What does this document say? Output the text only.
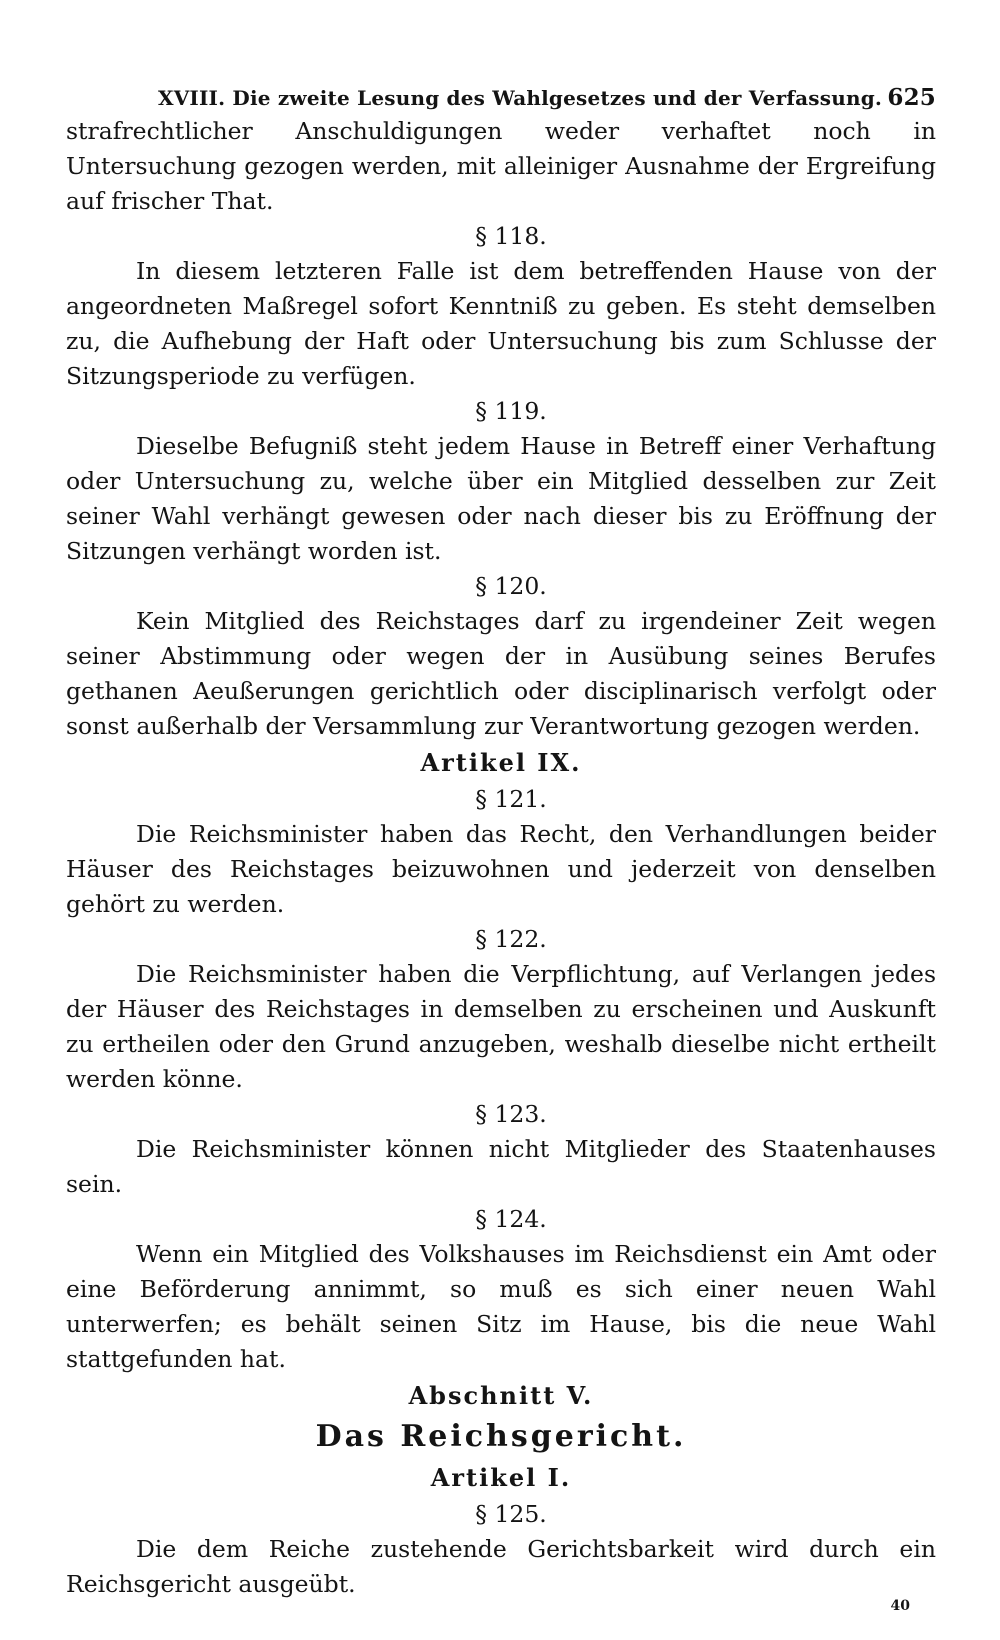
XVIII. Die zweite Lesung des Wahlgesetzes und der Verfassung. 625

strafrechtlicher Anschuldigungen weder verhaftet noch in Untersuchung gezogen werden, mit alleiniger Ausnahme der Ergreifung auf frischer That.

§ 118.

In diesem letzteren Falle ist dem betreffenden Hause von der angeordneten Maßregel sofort Kenntniß zu geben. Es steht demselben zu, die Aufhebung der Haft oder Untersuchung bis zum Schlusse der Sitzungsperiode zu verfügen.

§ 119.

Dieselbe Befugniß steht jedem Hause in Betreff einer Verhaftung oder Untersuchung zu, welche über ein Mitglied desselben zur Zeit seiner Wahl verhängt gewesen oder nach dieser bis zu Eröffnung der Sitzungen verhängt worden ist.

§ 120.

Kein Mitglied des Reichstages darf zu irgendeiner Zeit wegen seiner Abstimmung oder wegen der in Ausübung seines Berufes gethanen Aeußerungen gerichtlich oder disciplinarisch verfolgt oder sonst außerhalb der Versammlung zur Verantwortung gezogen werden.

Artikel IX.

§ 121.

Die Reichsminister haben das Recht, den Verhandlungen beider Häuser des Reichstages beizuwohnen und jederzeit von denselben gehört zu werden.

§ 122.

Die Reichsminister haben die Verpflichtung, auf Verlangen jedes der Häuser des Reichstages in demselben zu erscheinen und Auskunft zu ertheilen oder den Grund anzugeben, weshalb dieselbe nicht ertheilt werden könne.

§ 123.

Die Reichsminister können nicht Mitglieder des Staatenhauses sein.

§ 124.

Wenn ein Mitglied des Volkshauses im Reichsdienst ein Amt oder eine Beförderung annimmt, so muß es sich einer neuen Wahl unterwerfen; es behält seinen Sitz im Hause, bis die neue Wahl stattgefunden hat.

Abschnitt V.

Das Reichsgericht.

Artikel I.

§ 125.

Die dem Reiche zustehende Gerichtsbarkeit wird durch ein Reichsgericht ausgeübt.

40
